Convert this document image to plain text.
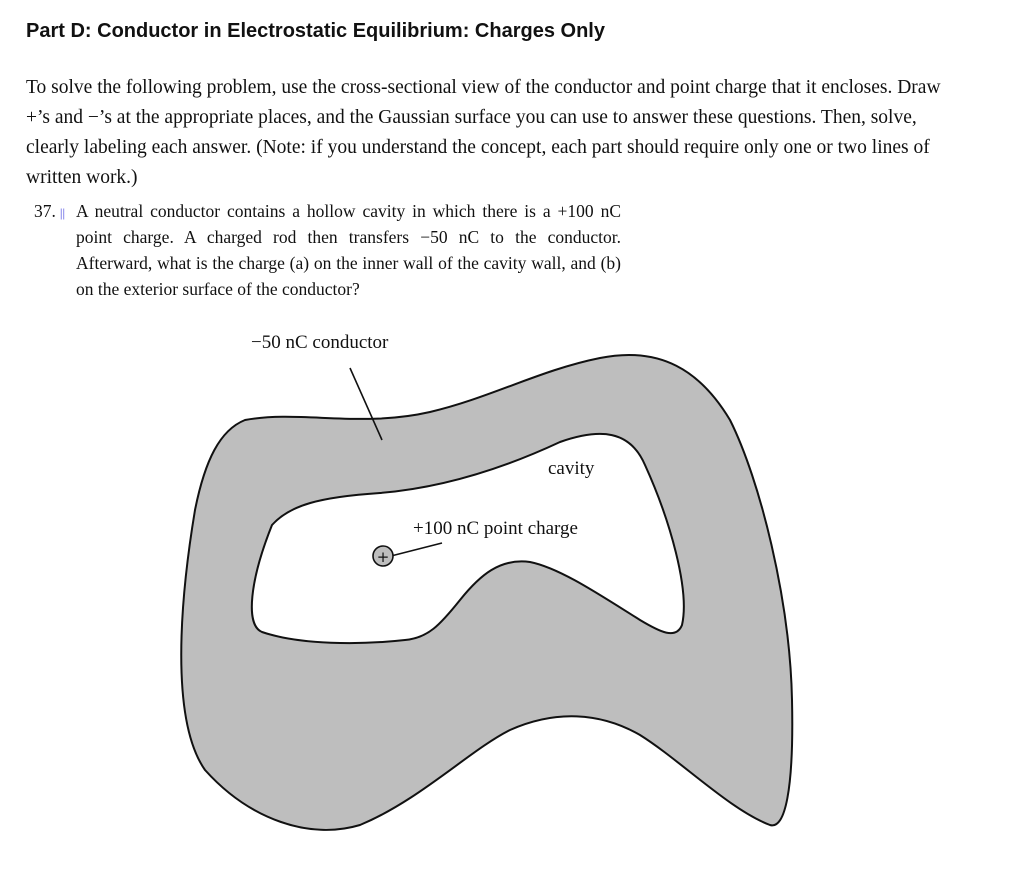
Part D: Conductor in Electrostatic Equilibrium: Charges Only
To solve the following problem, use the cross-sectional view of the conductor and point charge that it encloses. Draw +’s and −’s at the appropriate places, and the Gaussian surface you can use to answer these questions. Then, solve, clearly labeling each answer. (Note: if you understand the concept, each part should require only one or two lines of written work.)
37. || A neutral conductor contains a hollow cavity in which there is a +100 nC point charge. A charged rod then transfers −50 nC to the conductor. Afterward, what is the charge (a) on the inner wall of the cavity wall, and (b) on the exterior surface of the conductor?
+
−50 nC conductor
cavity
+100 nC point charge
